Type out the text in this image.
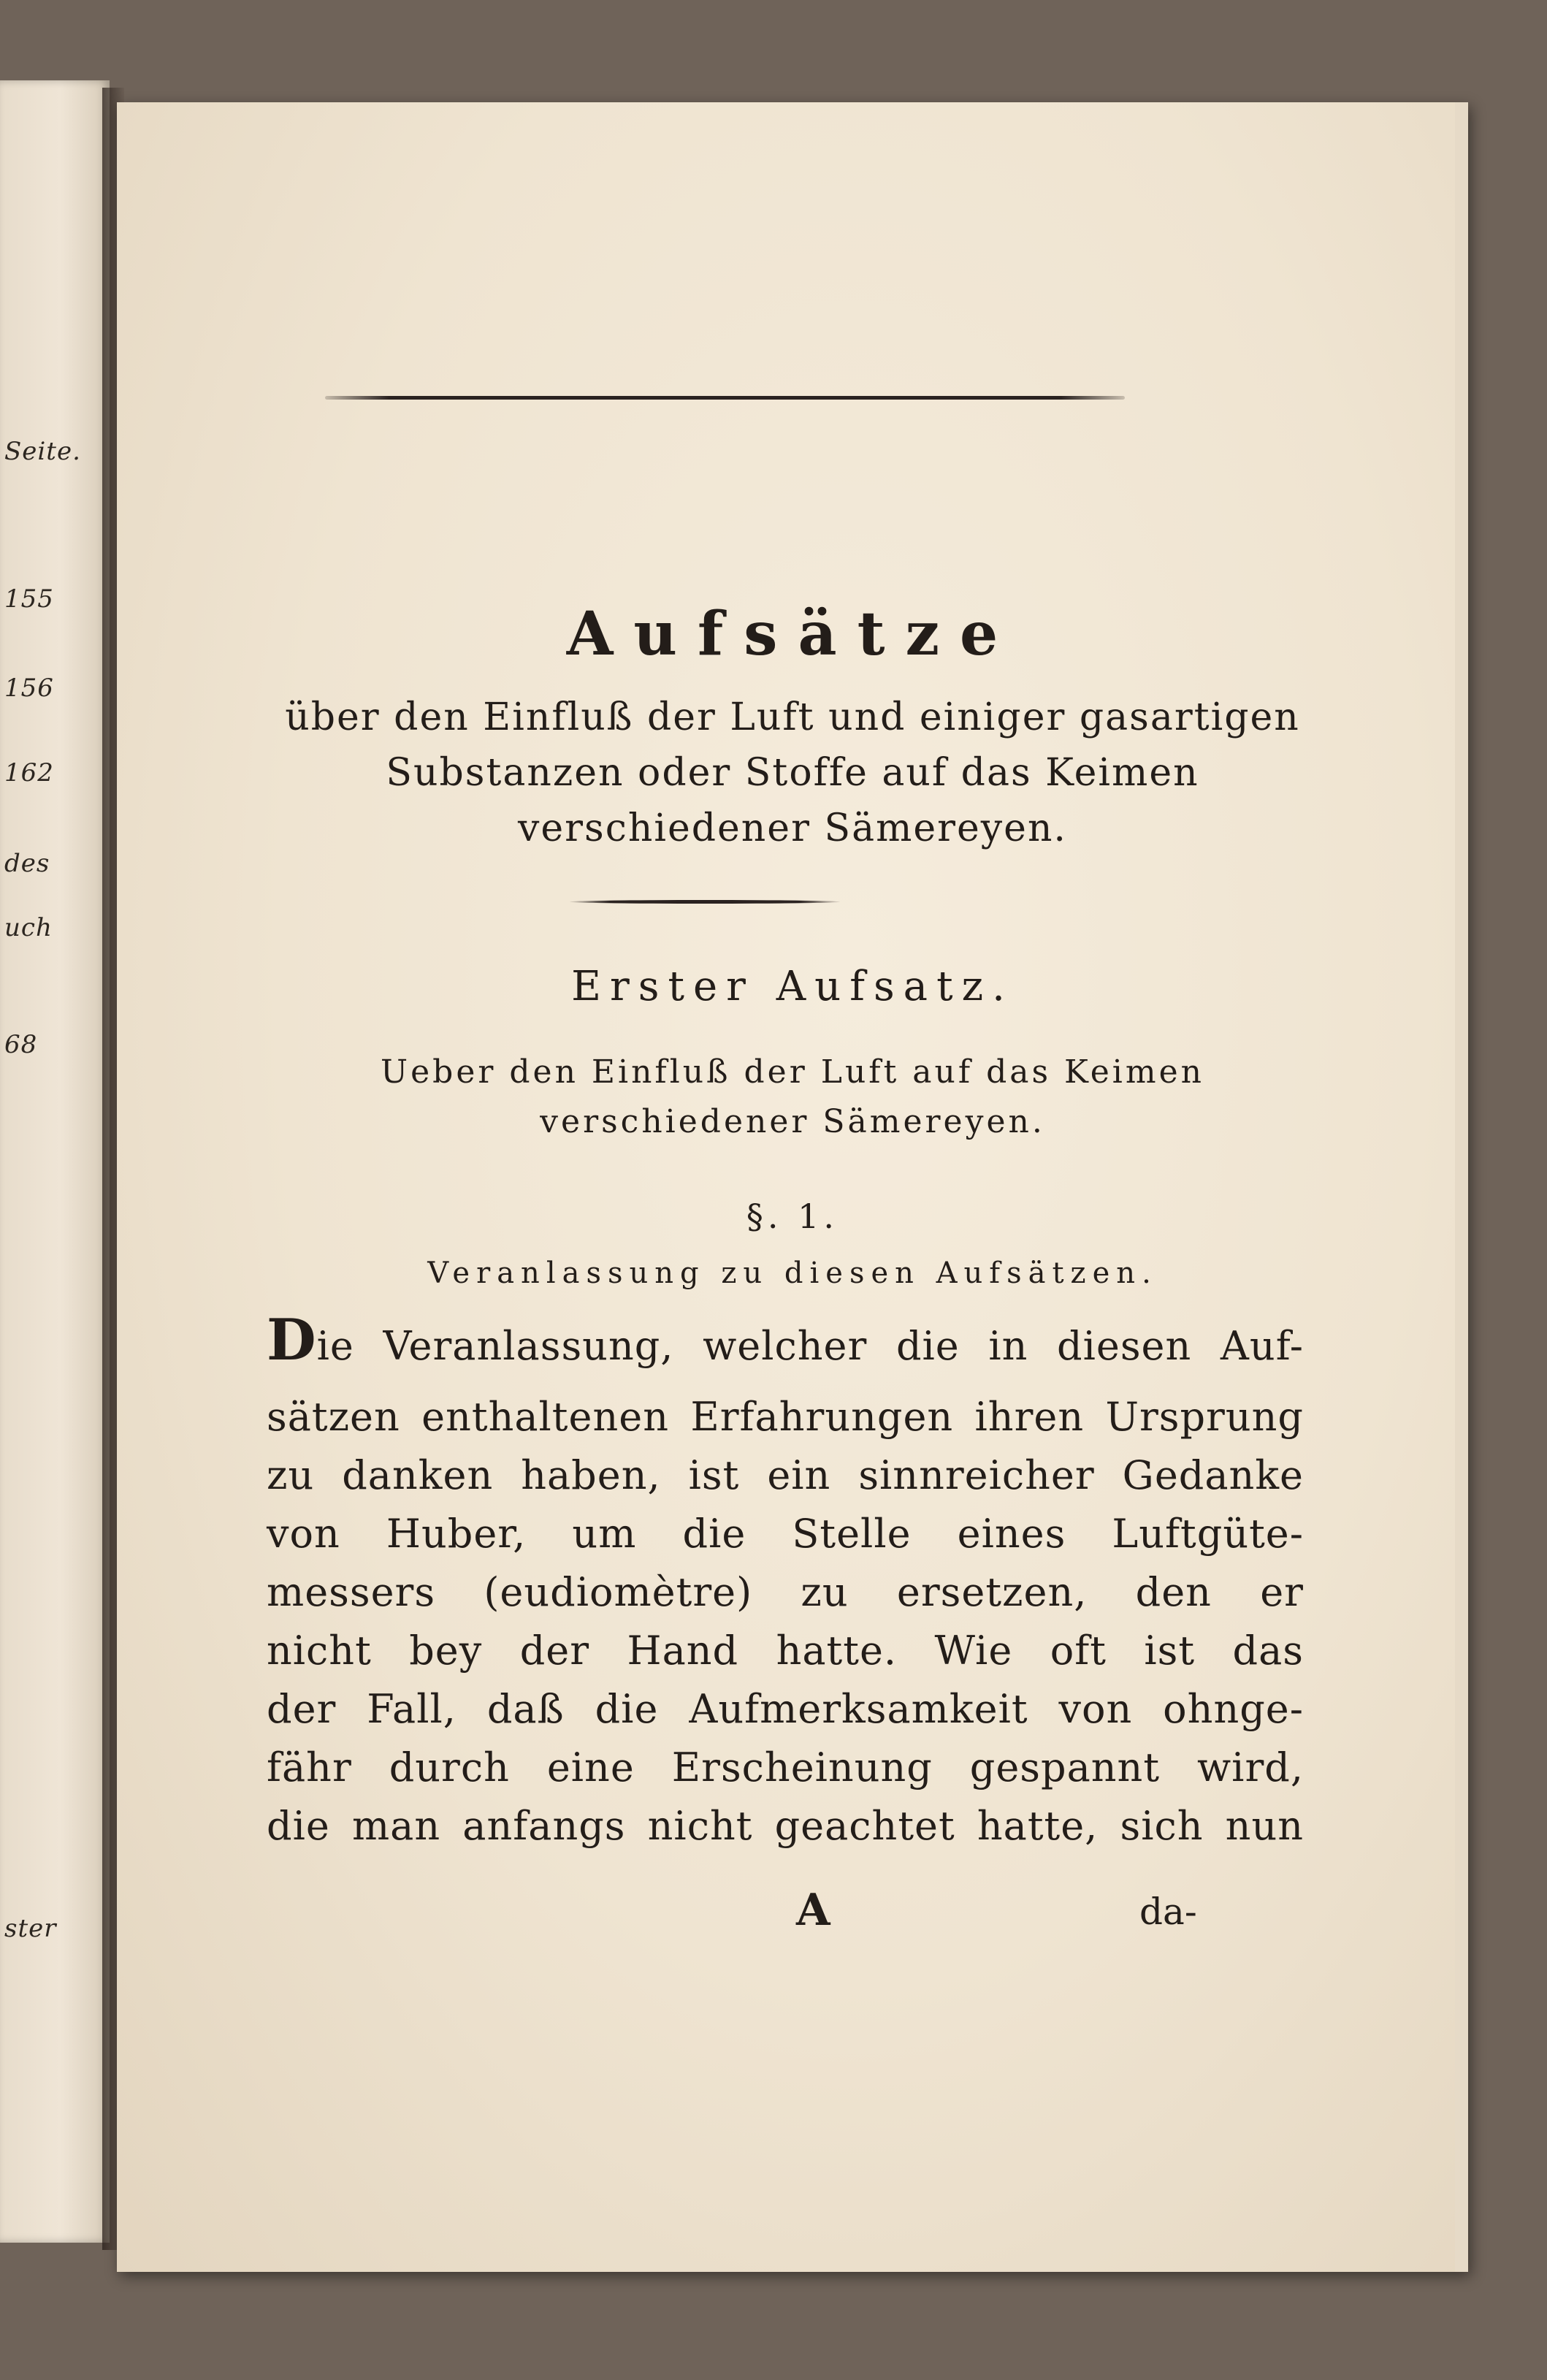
Seite.
155
156
162
des
uch
68
ster
Aufsätze
über den Einfluß der Luft und einiger gasartigen
Substanzen oder Stoffe auf das Keimen
verschiedener Sämereyen.
Erster Aufsatz.
Ueber den Einfluß der Luft auf das Keimen
verschiedener Sämereyen.
§. 1.
Veranlassung zu diesen Aufsätzen.
Die Veranlassung, welcher die in diesen Auf-
sätzen enthaltenen Erfahrungen ihren Ursprung
zu danken haben, ist ein sinnreicher Gedanke
von Huber, um die Stelle eines Luftgüte-
messers (eudiomètre) zu ersetzen, den er
nicht bey der Hand hatte. Wie oft ist das
der Fall, daß die Aufmerksamkeit von ohnge-
fähr durch eine Erscheinung gespannt wird,
die man anfangs nicht geachtet hatte, sich nun
A	da-
